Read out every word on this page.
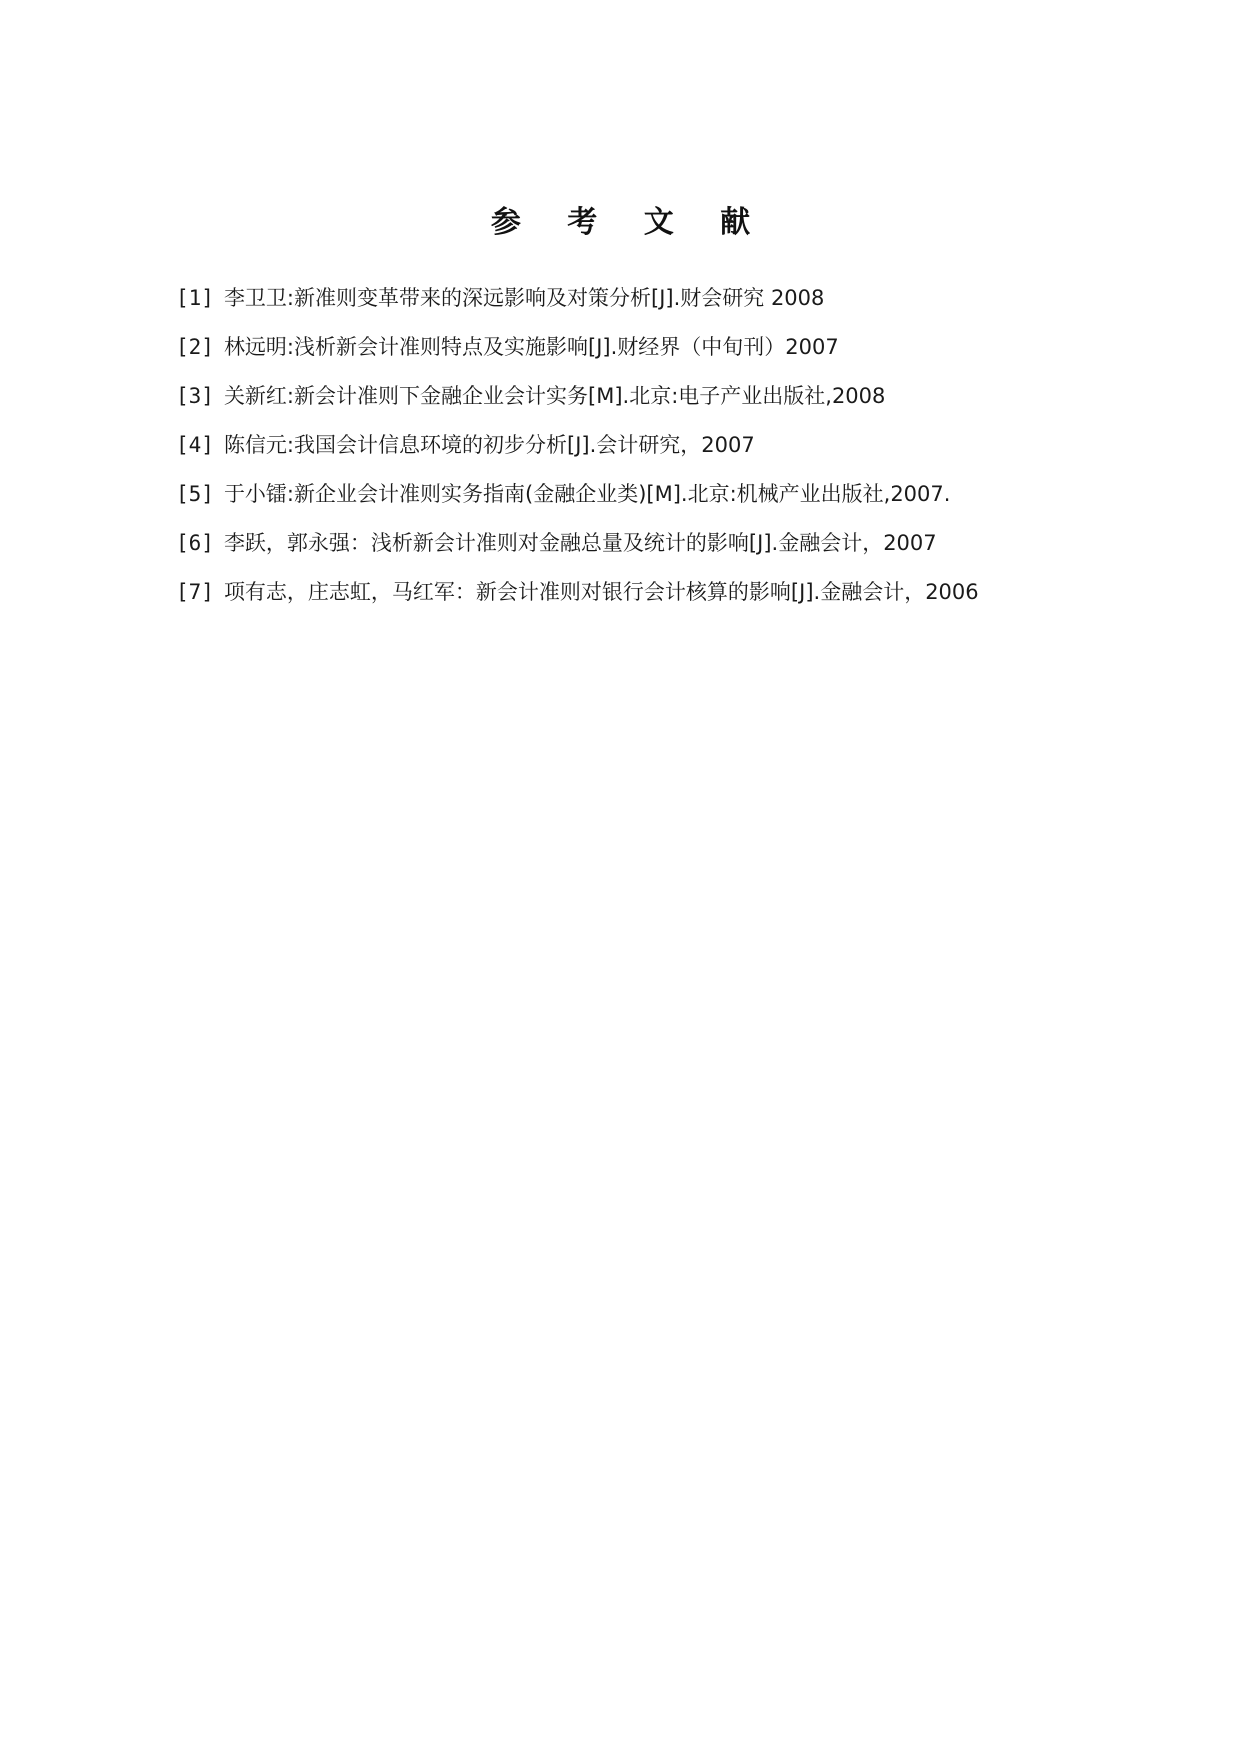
参 考 文 献
[1] 李卫卫:新准则变革带来的深远影响及对策分析[J].财会研究 2008
[2] 林远明:浅析新会计准则特点及实施影响[J].财经界（中旬刊）2007
[3] 关新红:新会计准则下金融企业会计实务[M].北京:电子产业出版社,2008
[4] 陈信元:我国会计信息环境的初步分析[J].会计研究，2007
[5] 于小镭:新企业会计准则实务指南(金融企业类)[M].北京:机械产业出版社,2007.
[6] 李跃，郭永强：浅析新会计准则对金融总量及统计的影响[J].金融会计，2007
[7] 项有志，庄志虹，马红军：新会计准则对银行会计核算的影响[J].金融会计，2006
